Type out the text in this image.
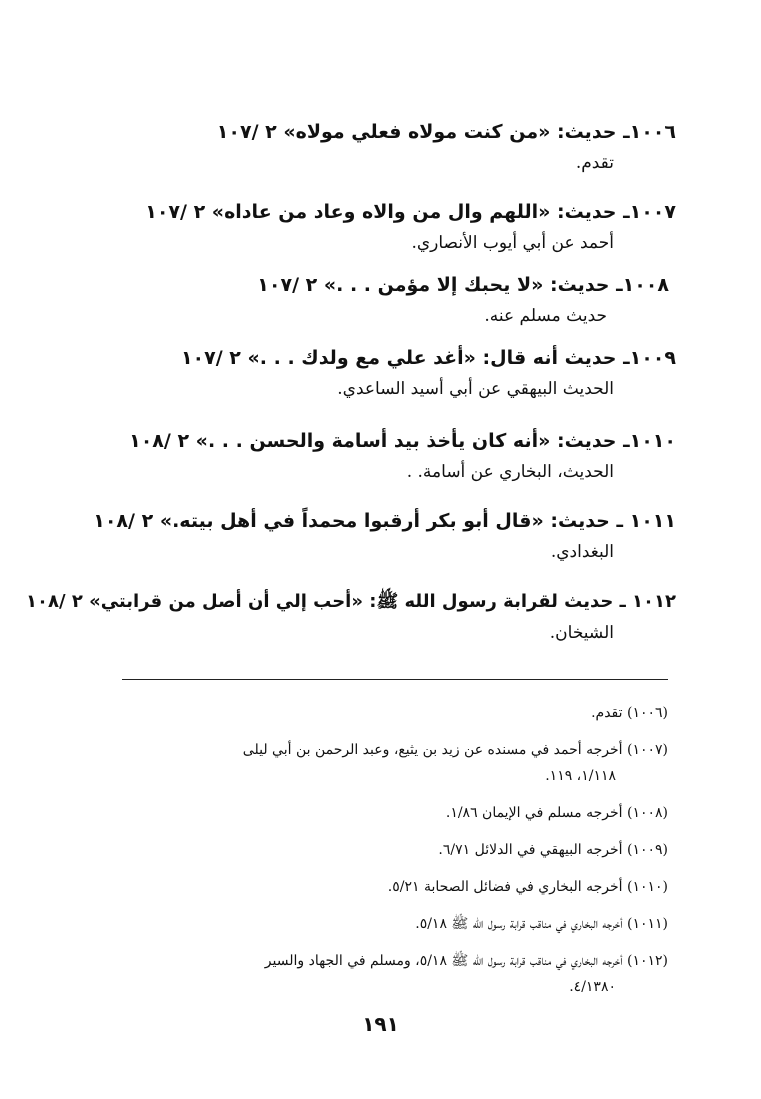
١٠٠٦ـ حديث: «من كنت مولاه فعلي مولاه» ٢ /١٠٧
تقدم.
١٠٠٧ـ حديث: «اللهم وال من والاه وعاد من عاداه» ٢ /١٠٧
أحمد عن أبي أيوب الأنصاري.
١٠٠٨ـ حديث: «لا يحبك إلا مؤمن . . .» ٢ /١٠٧
حديث مسلم عنه.
١٠٠٩ـ حديث أنه قال: «أغد علي مع ولدك . . .» ٢ /١٠٧
الحديث البيهقي عن أبي أسيد الساعدي.
١٠١٠ـ حديث: «أنه كان يأخذ بيد أسامة والحسن . . .» ٢ /١٠٨
الحديث، البخاري عن أسامة. .
١٠١١ ـ حديث: «قال أبو بكر أرقبوا محمداً في أهل بيته.» ٢ /١٠٨
البغدادي.
١٠١٢ ـ حديث لقرابة رسول الله ﷺ: «أحب إلي أن أصل من قرابتي» ٢ /١٠٨
الشيخان.
(١٠٠٦) تقدم.
(١٠٠٧) أخرجه أحمد في مسنده عن زيد بن يثيع، وعبد الرحمن بن أبي ليلى
١/١١٨، ١١٩.
(١٠٠٨) أخرجه مسلم في الإيمان ١/٨٦.
(١٠٠٩) أخرجه البيهقي في الدلائل ٦/٧١.
(١٠١٠) أخرجه البخاري في فضائل الصحابة ٥/٢١.
(١٠١١) أخرجه البخاري في مناقب قرابة رسول الله ﷺ ٥/١٨.
(١٠١٢) أخرجه البخاري في مناقب قرابة رسول الله ﷺ ٥/١٨، ومسلم في الجهاد والسير
٤/١٣٨٠.
١٩١
